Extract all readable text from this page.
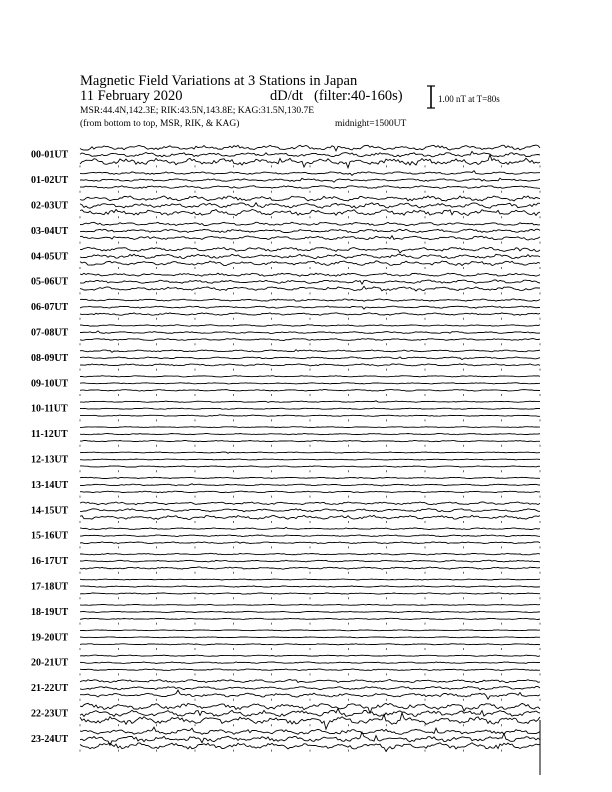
Magnetic Field Variations at 3 Stations in Japan
11 February 2020	dD/dt (filter:40-160s)
MSR:44.4N,142.3E; RIK:43.5N,143.8E; KAG:31.5N,130.7E
(from bottom to top, MSR, RIK, & KAG)	midnight=1500UT
1.00 nT at T=80s
00-01UT
01-02UT
02-03UT
03-04UT
04-05UT
05-06UT
06-07UT
07-08UT
08-09UT
09-10UT
10-11UT
11-12UT
12-13UT
13-14UT
14-15UT
15-16UT
16-17UT
17-18UT
18-19UT
19-20UT
20-21UT
21-22UT
22-23UT
23-24UT
